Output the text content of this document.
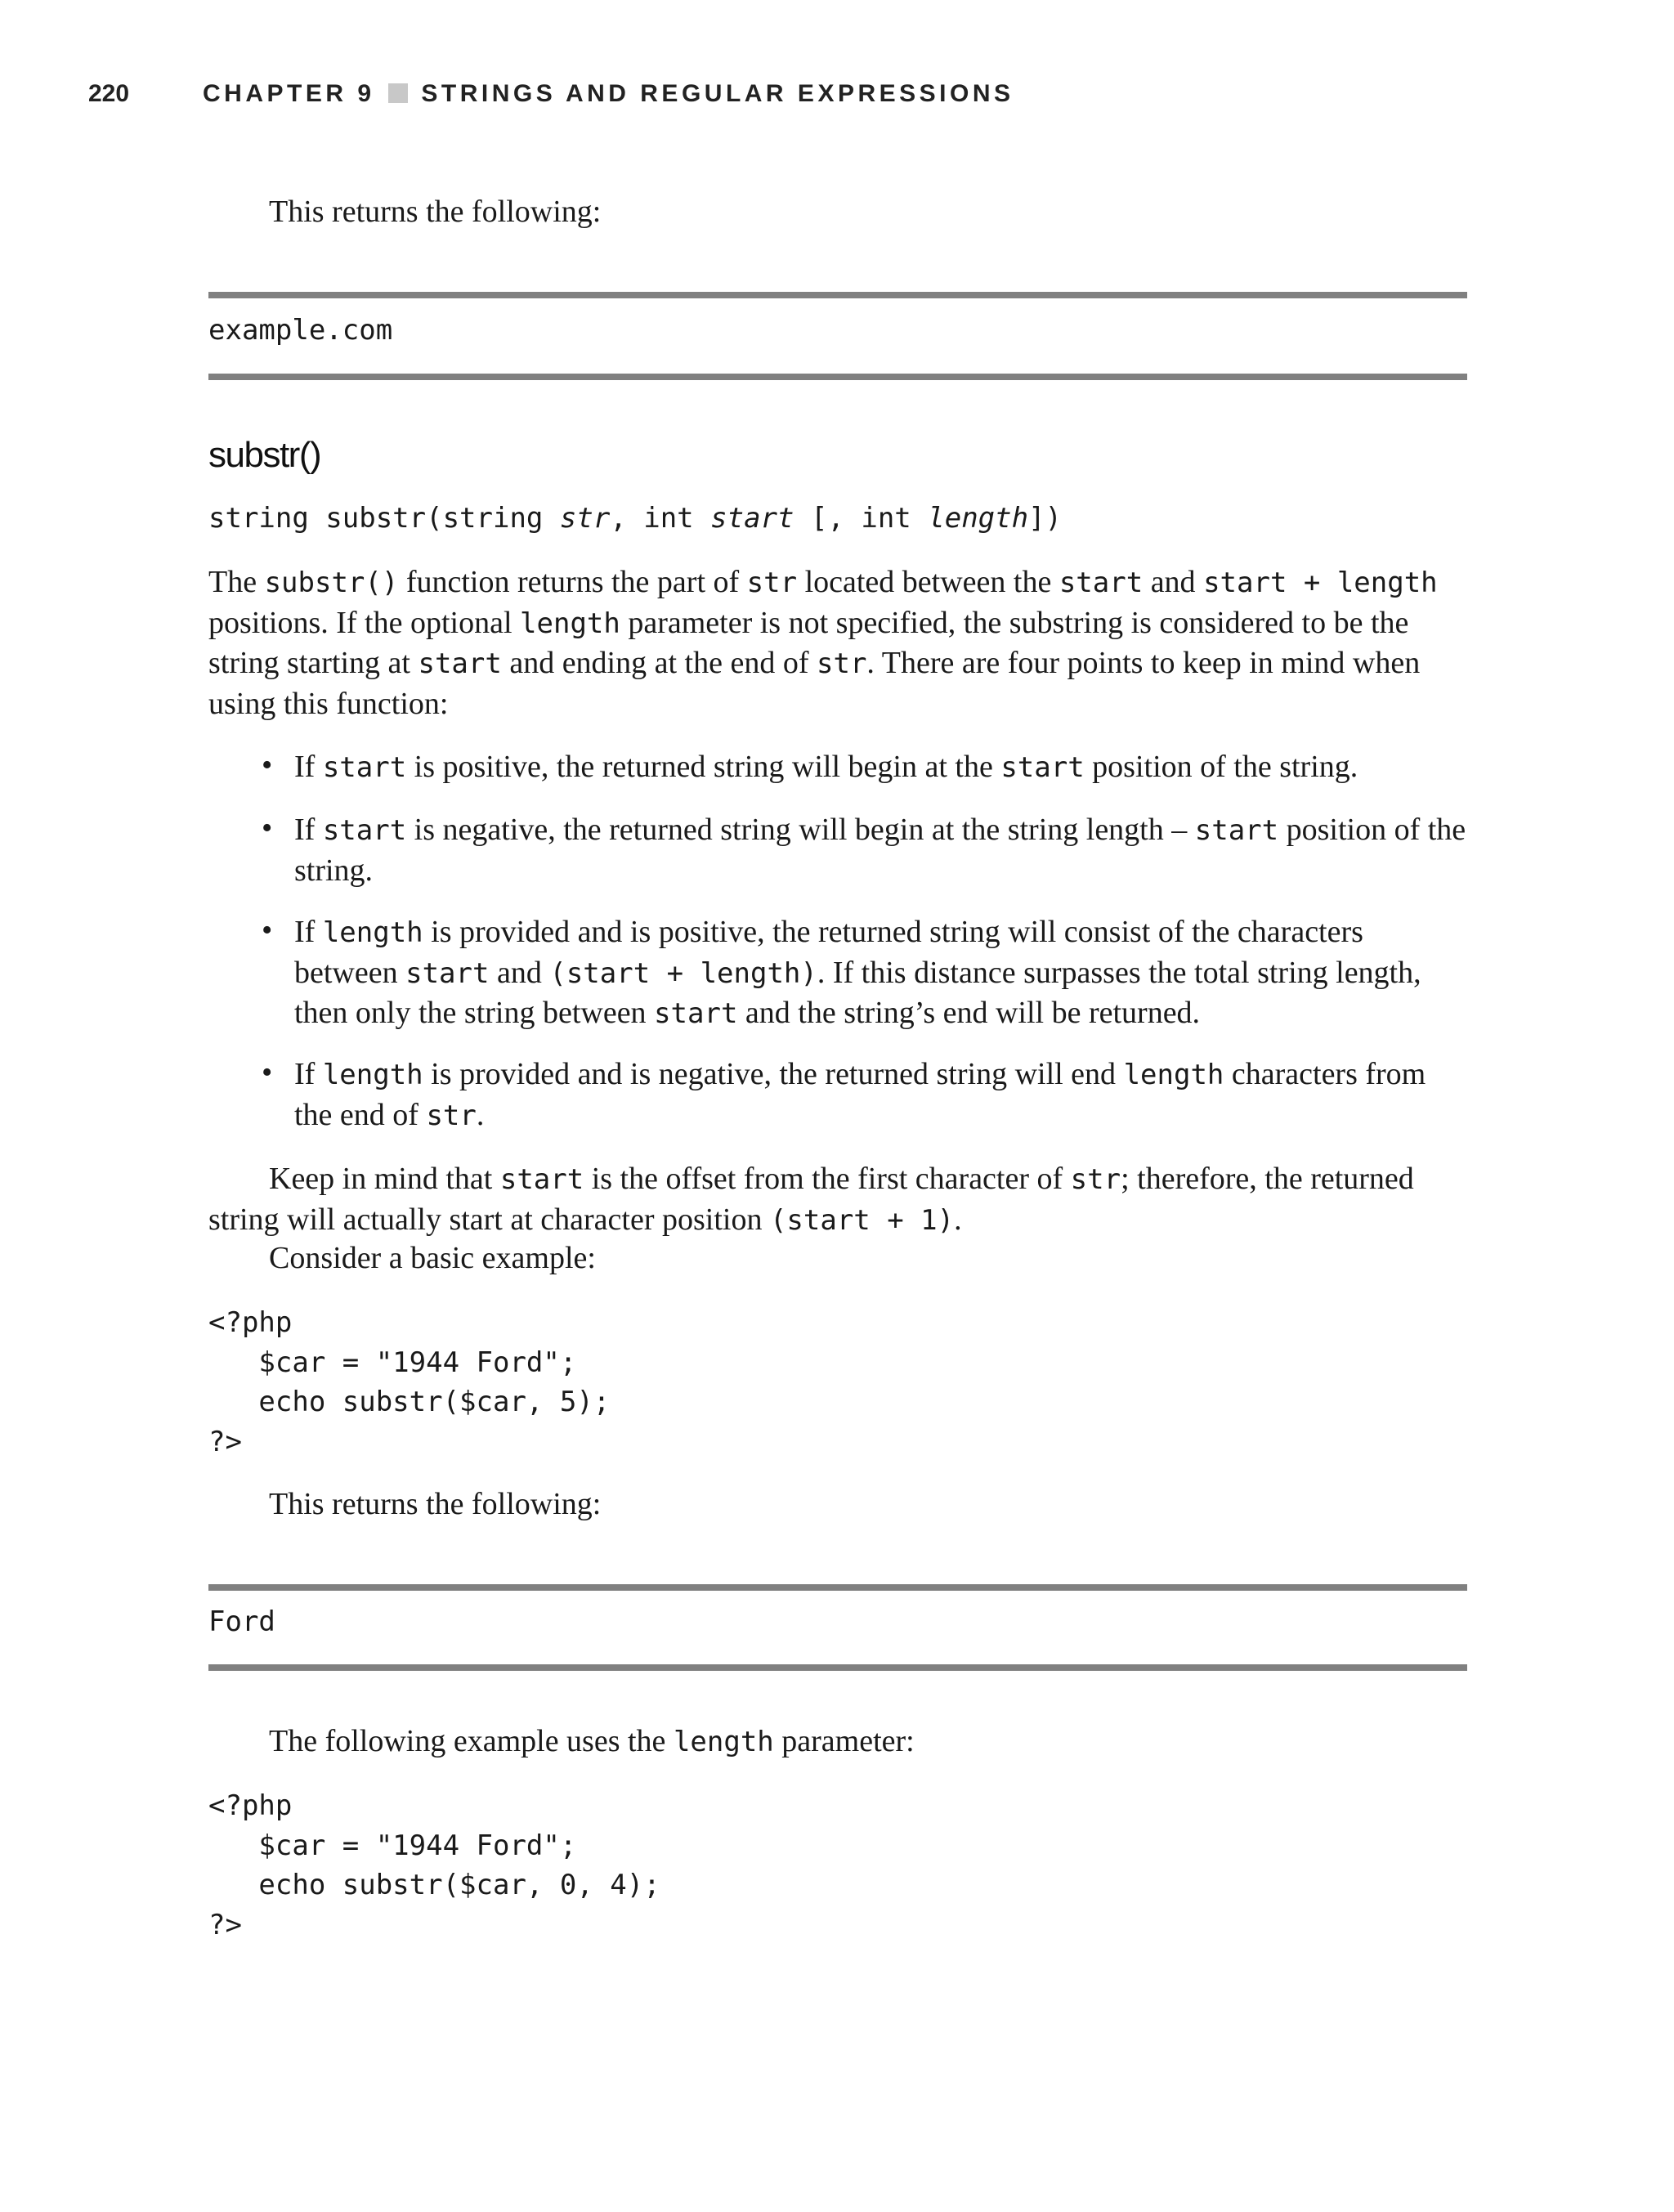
220	CHAPTER 9 STRINGS AND REGULAR EXPRESSIONS

This returns the following:

example.com
substr()
string substr(string str, int start [, int length])

The substr() function returns the part of str located between the start and start + length positions. If the optional length parameter is not specified, the substring is considered to be the string starting at start and ending at the end of str. There are four points to keep in mind when using this function:

• If start is positive, the returned string will begin at the start position of the string.

• If start is negative, the returned string will begin at the string length – start position of the string.

• If length is provided and is positive, the returned string will consist of the characters between start and (start + length). If this distance surpasses the total string length, then only the string between start and the string’s end will be returned.

• If length is provided and is negative, the returned string will end length characters from the end of str.

Keep in mind that start is the offset from the first character of str; therefore, the returned string will actually start at character position (start + 1).

Consider a basic example:

<?php
$car = "1944 Ford";
echo substr($car, 5);
?>

This returns the following:

Ford

The following example uses the length parameter:

<?php
$car = "1944 Ford";
echo substr($car, 0, 4);
?>
